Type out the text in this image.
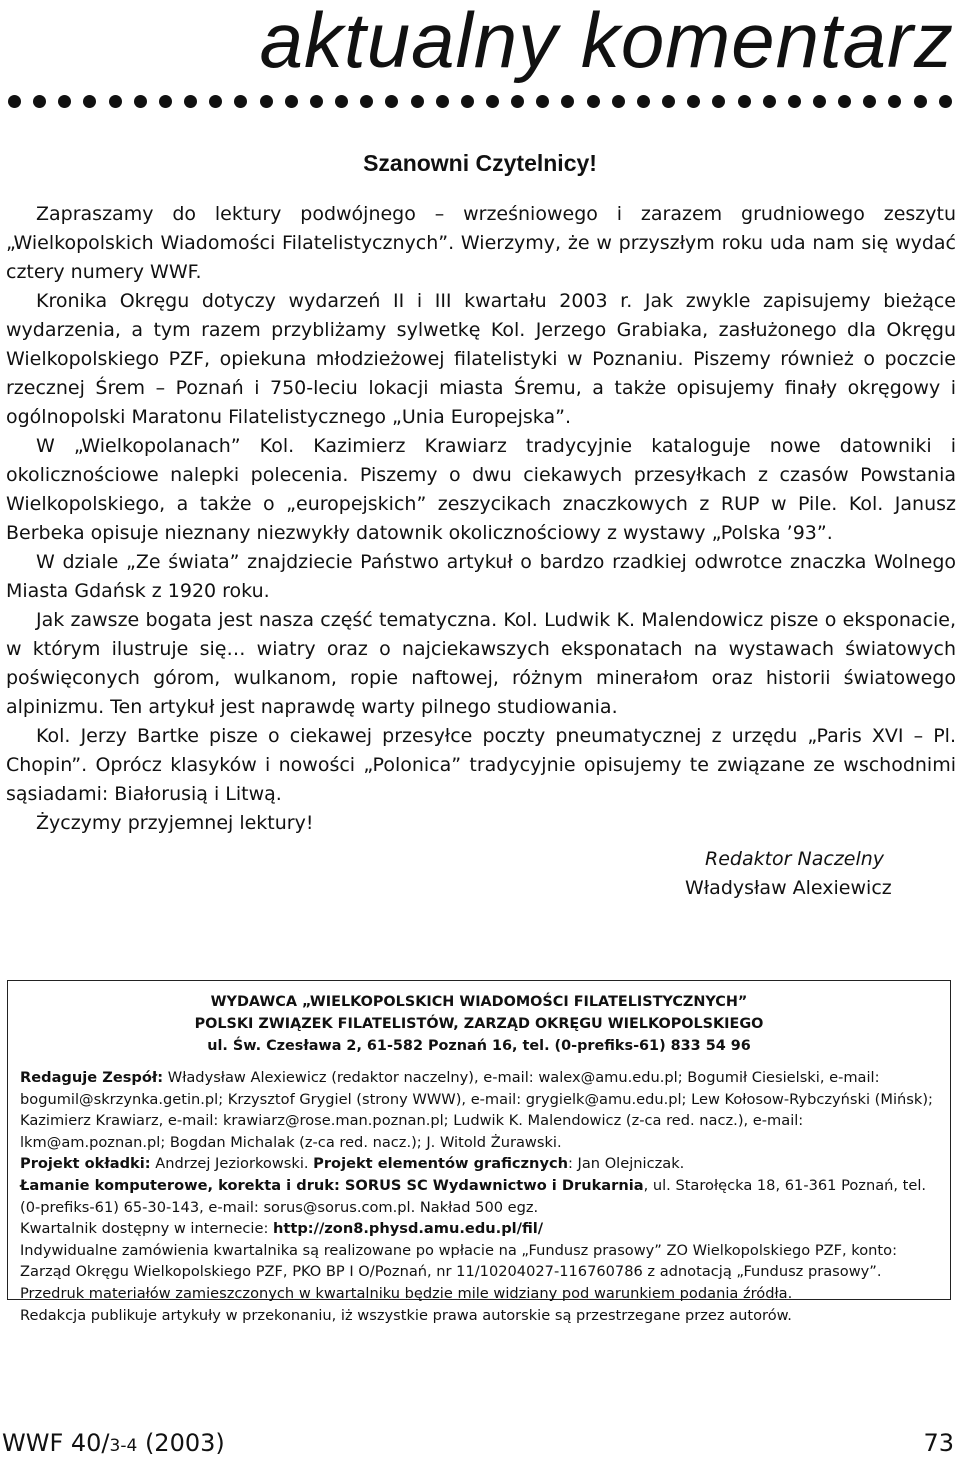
aktualny komentarz
Szanowni Czytelnicy!

Zapraszamy do lektury podwójnego – wrześniowego i zarazem grudniowego zeszytu „Wielkopolskich Wiadomości Filatelistycznych”. Wierzymy, że w przyszłym roku uda nam się wydać cztery numery WWF.

Kronika Okręgu dotyczy wydarzeń II i III kwartału 2003 r. Jak zwykle zapisujemy bieżące wydarzenia, a tym razem przybliżamy sylwetkę Kol. Jerzego Grabiaka, zasłużonego dla Okręgu Wielkopolskiego PZF, opiekuna młodzieżowej filatelistyki w Poznaniu. Piszemy również o poczcie rzecznej Śrem – Poznań i 750-leciu lokacji miasta Śremu, a także opisujemy finały okręgowy i ogólnopolski Maratonu Filatelistycznego „Unia Europejska”.

W „Wielkopolanach” Kol. Kazimierz Krawiarz tradycyjnie kataloguje nowe datowniki i okolicznościowe nalepki polecenia. Piszemy o dwu ciekawych przesyłkach z czasów Powstania Wielkopolskiego, a także o „europejskich” zeszycikach znaczkowych z RUP w Pile. Kol. Janusz Berbeka opisuje nieznany niezwykły datownik okolicznościowy z wystawy „Polska ’93”.

W dziale „Ze świata” znajdziecie Państwo artykuł o bardzo rzadkiej odwrotce znaczka Wolnego Miasta Gdańsk z 1920 roku.

Jak zawsze bogata jest nasza część tematyczna. Kol. Ludwik K. Malendowicz pisze o eksponacie, w którym ilustruje się… wiatry oraz o najciekawszych eksponatach na wystawach światowych poświęconych górom, wulkanom, ropie naftowej, różnym minerałom oraz historii światowego alpinizmu. Ten artykuł jest naprawdę warty pilnego studiowania.

Kol. Jerzy Bartke pisze o ciekawej przesyłce poczty pneumatycznej z urzędu „Paris XVI – Pl. Chopin”. Oprócz klasyków i nowości „Polonica” tradycyjnie opisujemy te związane ze wschodnimi sąsiadami: Białorusią i Litwą.

Życzymy przyjemnej lektury!

Redaktor Naczelny
Władysław Alexiewicz

WYDAWCA „WIELKOPOLSKICH WIADOMOŚCI FILATELISTYCZNYCH”

POLSKI ZWIĄZEK FILATELISTÓW, ZARZĄD OKRĘGU WIELKOPOLSKIEGO

ul. Św. Czesława 2, 61-582 Poznań 16, tel. (0-prefiks-61) 833 54 96

Redaguje Zespół: Władysław Alexiewicz (redaktor naczelny), e-mail: walex@amu.edu.pl; Bogumił Ciesielski, e-mail: bogumil@skrzynka.getin.pl; Krzysztof Grygiel (strony WWW), e-mail: grygielk@amu.edu.pl; Lew Kołosow-Rybczyński (Mińsk); Kazimierz Krawiarz, e-mail: krawiarz@rose.man.poznan.pl; Ludwik K. Malendowicz (z-ca red. nacz.), e-mail: lkm@am.poznan.pl; Bogdan Michalak (z-ca red. nacz.); J. Witold Żurawski.

Projekt okładki: Andrzej Jeziorkowski. Projekt elementów graficznych: Jan Olejniczak.

Łamanie komputerowe, korekta i druk: SORUS SC Wydawnictwo i Drukarnia, ul. Starołęcka 18, 61-361 Poznań, tel. (0-prefiks-61) 65-30-143, e-mail: sorus@sorus.com.pl. Nakład 500 egz.

Kwartalnik dostępny w internecie: http://zon8.physd.amu.edu.pl/fil/

Indywidualne zamówienia kwartalnika są realizowane po wpłacie na „Fundusz prasowy” ZO Wielkopolskiego PZF, konto: Zarząd Okręgu Wielkopolskiego PZF, PKO BP I O/Poznań, nr 11/10204027-116760786 z adnotacją „Fundusz prasowy”.

Przedruk materiałów zamieszczonych w kwartalniku będzie mile widziany pod warunkiem podania źródła.

Redakcja publikuje artykuły w przekonaniu, iż wszystkie prawa autorskie są przestrzegane przez autorów.

WWF 40/3-4 (2003)	73
